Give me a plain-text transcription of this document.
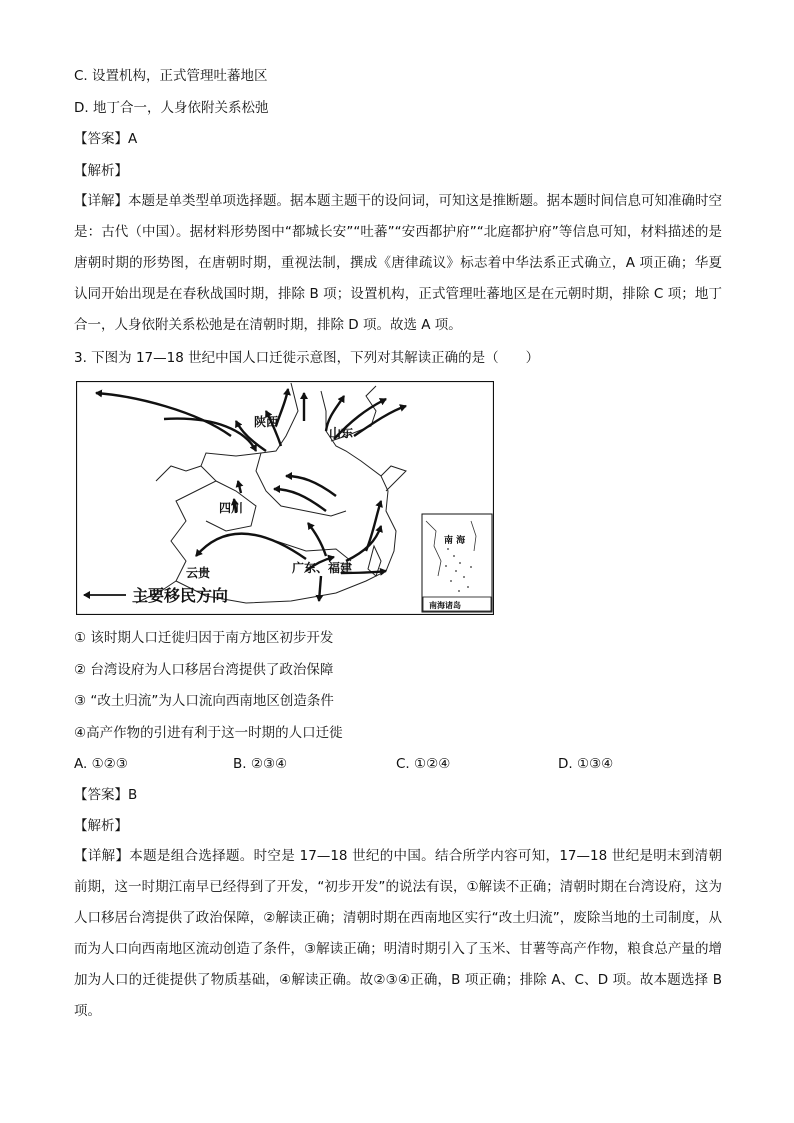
C. 设置机构，正式管理吐蕃地区
D. 地丁合一，人身依附关系松弛
【答案】A
【解析】
【详解】本题是单类型单项选择题。据本题主题干的设问词，可知这是推断题。据本题时间信息可知准确时空是：古代（中国）。据材料形势图中“都城长安”“吐蕃”“安西都护府”“北庭都护府”等信息可知，材料描述的是唐朝时期的形势图，在唐朝时期，重视法制，撰成《唐律疏议》标志着中华法系正式确立，A 项正确；华夏认同开始出现是在春秋战国时期，排除 B 项；设置机构，正式管理吐蕃地区是在元朝时期，排除 C 项；地丁合一，人身依附关系松弛是在清朝时期，排除 D 项。故选 A 项。
3. 下图为 17—18 世纪中国人口迁徙示意图，下列对其解读正确的是（　　）
陕西
山东
四川
云贵	广东、福建
南 海
南海诸岛
主要移民方向
① 该时期人口迁徙归因于南方地区初步开发
② 台湾设府为人口移居台湾提供了政治保障
③ “改土归流”为人口流向西南地区创造条件
④高产作物的引进有利于这一时期的人口迁徙
A. ①②③	B. ②③④	C. ①②④	D. ①③④
【答案】B
【解析】
【详解】本题是组合选择题。时空是 17—18 世纪的中国。结合所学内容可知，17—18 世纪是明末到清朝前期，这一时期江南早已经得到了开发，“初步开发”的说法有误，①解读不正确；清朝时期在台湾设府，这为人口移居台湾提供了政治保障，②解读正确；清朝时期在西南地区实行“改土归流”，废除当地的土司制度，从而为人口向西南地区流动创造了条件，③解读正确；明清时期引入了玉米、甘薯等高产作物，粮食总产量的增加为人口的迁徙提供了物质基础，④解读正确。故②③④正确，B 项正确；排除 A、C、D 项。故本题选择 B 项。
